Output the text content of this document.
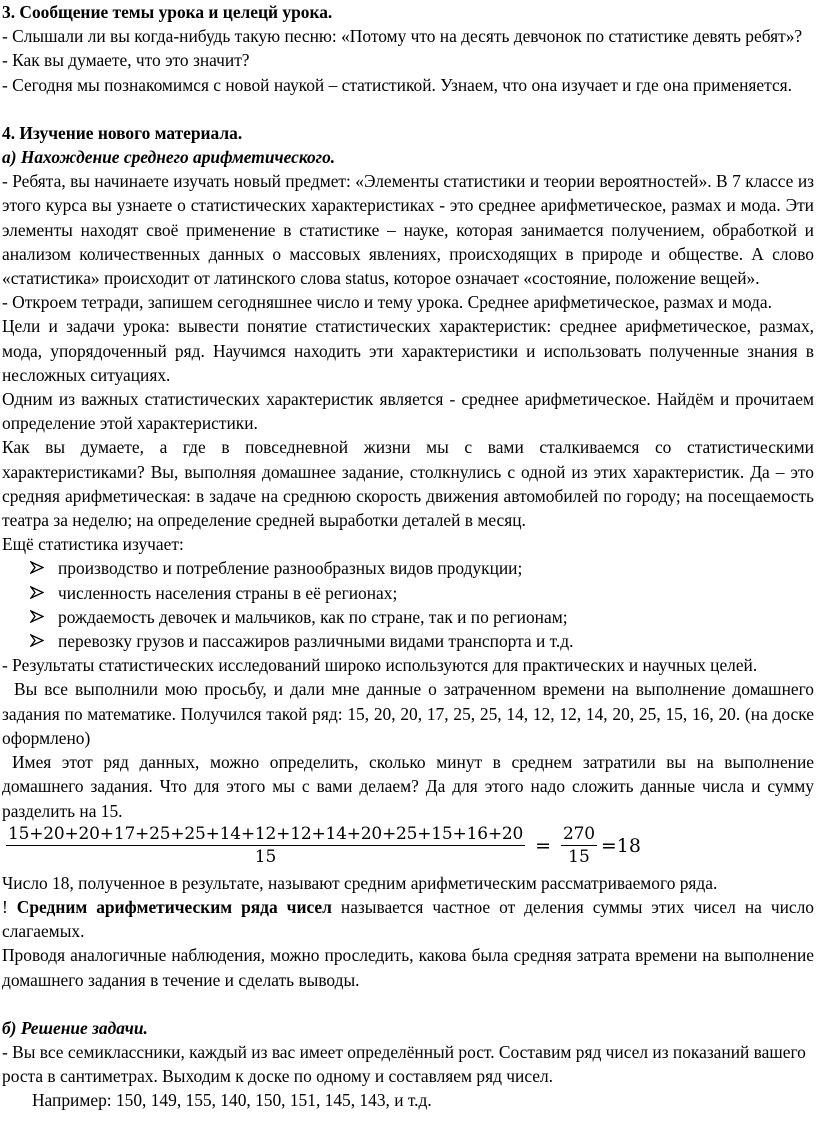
3. Сообщение темы урока и целецй урока.

- Слышали ли вы когда-нибудь такую песню: «Потому что на десять девчонок по статистике девять ребят»?

- Как вы думаете, что это значит?

- Сегодня мы познакомимся с новой наукой – статистикой. Узнаем, что она изучает и где она применяется.

4. Изучение нового материала.

а) Нахождение среднего арифметического.

- Ребята, вы начинаете изучать новый предмет: «Элементы статистики и теории вероятностей». В 7 классе из этого курса вы узнаете о статистических характеристиках - это среднее арифметическое, размах и мода. Эти элементы находят своё применение в статистике – науке, которая занимается получением, обработкой и анализом количественных данных о массовых явлениях, происходящих в природе и обществе. А слово «статистика» происходит от латинского слова status, которое означает «состояние, положение вещей».

- Откроем тетради, запишем сегодняшнее число и тему урока. Среднее арифметическое, размах и мода.

Цели и задачи урока: вывести понятие статистических характеристик: среднее арифметическое, размах, мода, упорядоченный ряд. Научимся находить эти характеристики и использовать полученные знания в несложных ситуациях.

Одним из важных статистических характеристик является - среднее арифметическое. Найдём и прочитаем определение этой характеристики.

Как вы думаете, а где в повседневной жизни мы с вами сталкиваемся со статистическими характеристиками? Вы, выполняя домашнее задание, столкнулись с одной из этих характеристик. Да – это средняя арифметическая: в задаче на среднюю скорость движения автомобилей по городу; на посещаемость театра за неделю; на определение средней выработки деталей в месяц.

Ещё статистика изучает:

производство и потребление разнообразных видов продукции;
численность населения страны в её регионах;
рождаемость девочек и мальчиков, как по стране, так и по регионам;
перевозку грузов и пассажиров различными видами транспорта и т.д.

- Результаты статистических исследований широко используются для практических и научных целей.

Вы все выполнили мою просьбу, и дали мне данные о затраченном времени на выполнение домашнего задания по математике. Получился такой ряд: 15, 20, 20, 17, 25, 25, 14, 12, 12, 14, 20, 25, 15, 16, 20. (на доске оформлено)

Имея этот ряд данных, можно определить, сколько минут в среднем затратили вы на выполнение домашнего задания. Что для этого мы с вами делаем? Да для этого надо сложить данные числа и сумму разделить на 15.

$\frac{15+20+20+17+25+25+14+12+12+14+20+25+15+16+20}{15} = \frac{270}{15} =18$

Число 18, полученное в результате, называют средним арифметическим рассматриваемого ряда.

! Средним арифметическим ряда чисел называется частное от деления суммы этих чисел на число слагаемых.

Проводя аналогичные наблюдения, можно проследить, какова была средняя затрата времени на выполнение домашнего задания в течение и сделать выводы.

б) Решение задачи.

- Вы все семиклассники, каждый из вас имеет определённый рост. Составим ряд чисел из показаний вашего роста в сантиметрах. Выходим к доске по одному и составляем ряд чисел.

Например: 150, 149, 155, 140, 150, 151, 145, 143, и т.д.
